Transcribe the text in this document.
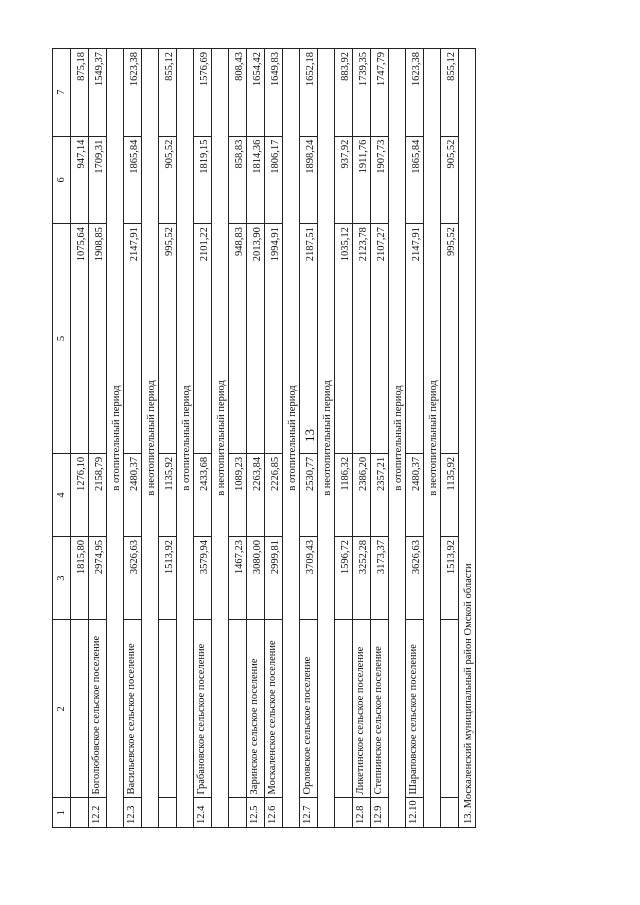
13
1	2	3	4	5	6	7
		1815,80	1276,10	1075,64	947,14	875,18
12.2	Боголюбовское сельское поселение	2974,95	2158,79	1908,85	1709,31	1549,37
в отопительный период						
12.3	Васильевское сельское поселение	3626,63	2480,37	2147,91	1865,84	1623,38
в неотопительный период						
		1513,92	1135,92	995,52	905,52	855,12
в отопительный период						
12.4	Грабановское сельское поселение	3579,94	2433,68	2101,22	1819,15	1576,69
в неотопительный период						
		1467,23	1089,23	948,83	858,83	808,43
12.5	Заринское сельское поселение	3080,00	2263,84	2013,90	1814,36	1654,42
12.6	Москаленское сельское поселение	2999,81	2226,85	1994,91	1806,17	1649,83
в отопительный период						
12.7	Орловское сельское поселение	3709,43	2530,77	2187,51	1898,24	1652,18
в неотопительный период						
		1596,72	1186,32	1035,12	937,92	883,92
12.8	Ликетинское сельское поселение	3252,28	2386,20	2123,78	1911,76	1739,35
12.9	Степнинское сельское поселение	3173,37	2357,21	2107,27	1907,73	1747,79
в отопительный период						
12.10	Шараповское сельское поселение	3626,63	2480,37	2147,91	1865,84	1623,38
в неотопительный период						
		1513,92	1135,92	995,52	905,52	855,12
13. Москаленский муниципальный район Омской области						
